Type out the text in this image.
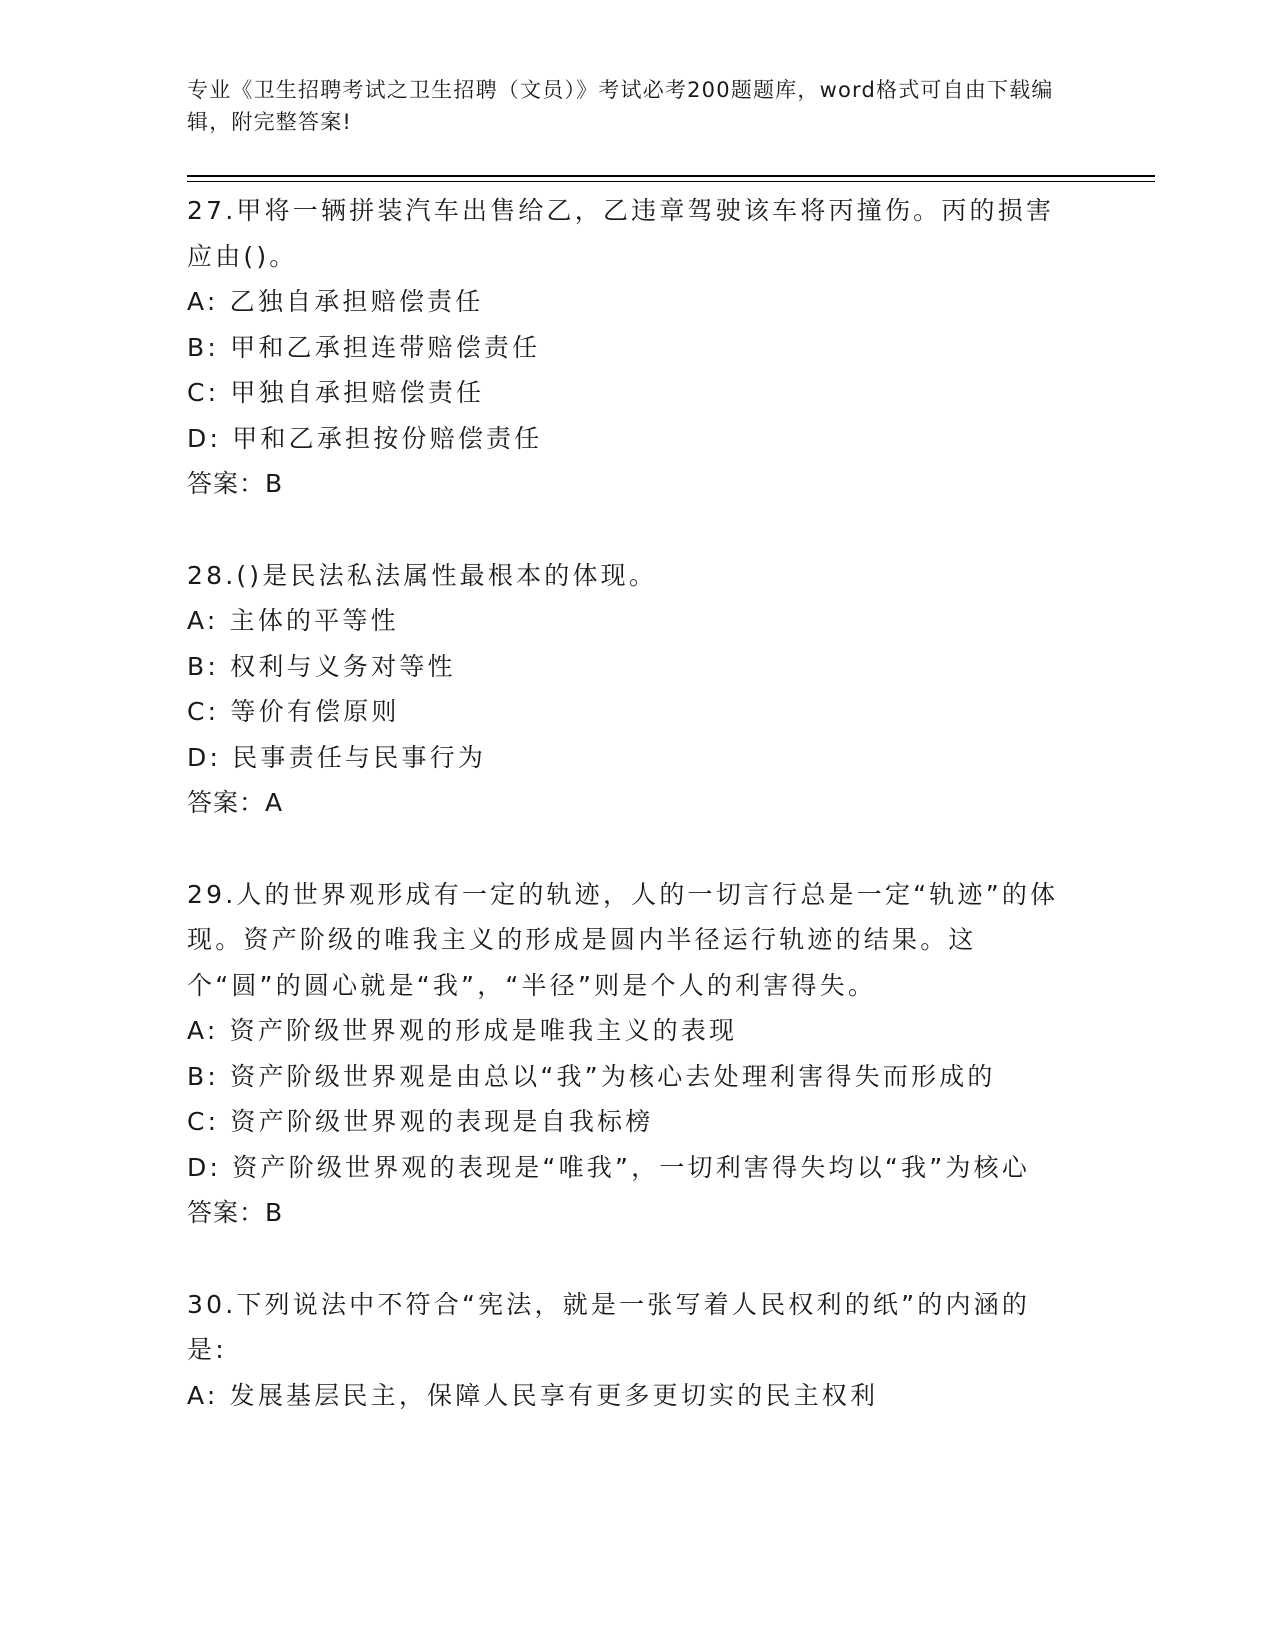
专业《卫生招聘考试之卫生招聘（文员）》考试必考200题题库，word格式可自由下载编辑，附完整答案!

27.甲将一辆拼装汽车出售给乙，乙违章驾驶该车将丙撞伤。丙的损害应由()。

A: 乙独自承担赔偿责任

B: 甲和乙承担连带赔偿责任

C: 甲独自承担赔偿责任

D: 甲和乙承担按份赔偿责任

答案：B

28.()是民法私法属性最根本的体现。

A: 主体的平等性

B: 权利与义务对等性

C: 等价有偿原则

D: 民事责任与民事行为

答案：A

29.人的世界观形成有一定的轨迹，人的一切言行总是一定“轨迹”的体现。资产阶级的唯我主义的形成是圆内半径运行轨迹的结果。这个“圆”的圆心就是“我”，“半径”则是个人的利害得失。

A: 资产阶级世界观的形成是唯我主义的表现

B: 资产阶级世界观是由总以“我”为核心去处理利害得失而形成的

C: 资产阶级世界观的表现是自我标榜

D: 资产阶级世界观的表现是“唯我”，一切利害得失均以“我”为核心

答案：B

30.下列说法中不符合“宪法，就是一张写着人民权利的纸”的内涵的是:

A: 发展基层民主，保障人民享有更多更切实的民主权利
